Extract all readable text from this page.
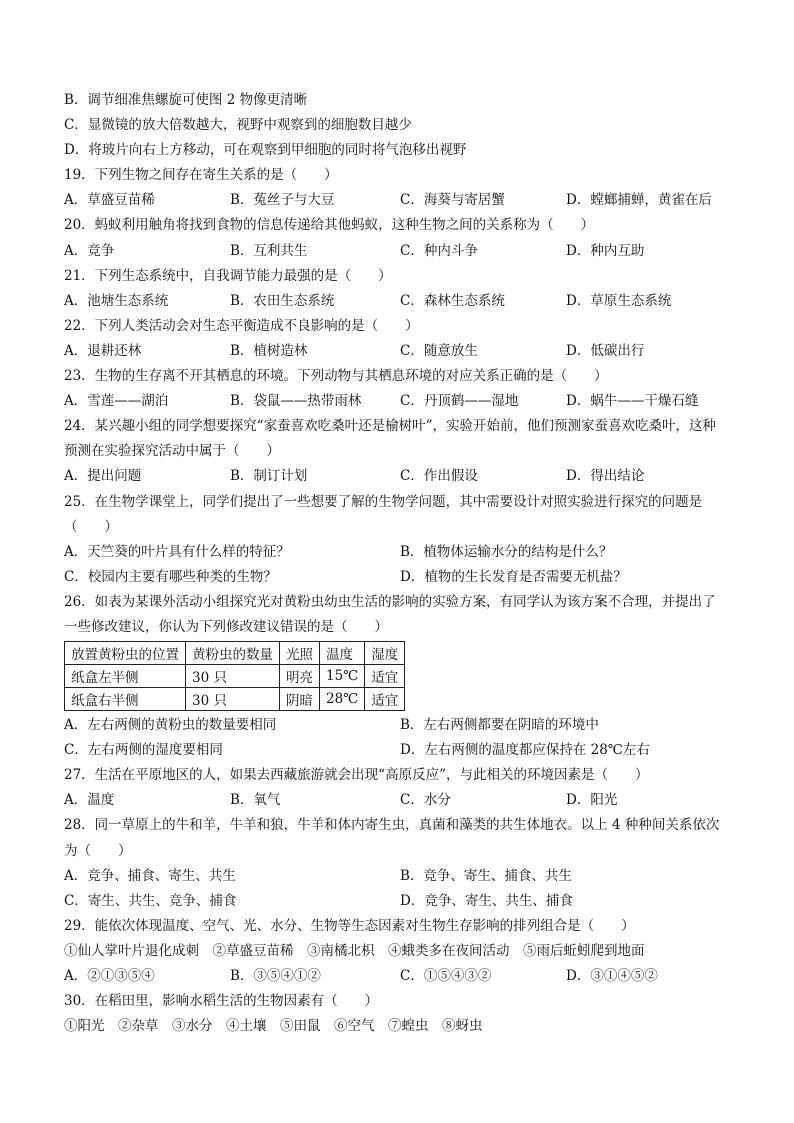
B．调节细准焦螺旋可使图 2 物像更清晰
C．显微镜的放大倍数越大，视野中观察到的细胞数目越少
D．将玻片向右上方移动，可在观察到甲细胞的同时将气泡移出视野
19．下列生物之间存在寄生关系的是（　　）
A．草盛豆苗稀	B．菟丝子与大豆	C．海葵与寄居蟹	D．螳螂捕蝉，黄雀在后
20．蚂蚁利用触角将找到食物的信息传递给其他蚂蚁，这种生物之间的关系称为（　　）
A．竞争	B．互利共生	C．种内斗争	D．种内互助
21．下列生态系统中，自我调节能力最强的是（　　）
A．池塘生态系统	B．农田生态系统	C．森林生态系统	D．草原生态系统
22．下列人类活动会对生态平衡造成不良影响的是（　　）
A．退耕还林	B．植树造林	C．随意放生	D．低碳出行
23．生物的生存离不开其栖息的环境。下列动物与其栖息环境的对应关系正确的是（　　）
A．雪莲——湖泊	B．袋鼠——热带雨林	C．丹顶鹤——湿地	D．蜗牛——干燥石缝
24．某兴趣小组的同学想要探究“家蚕喜欢吃桑叶还是榆树叶”，实验开始前，他们预测家蚕喜欢吃桑叶，这种
预测在实验探究活动中属于（　　）
A．提出问题	B．制订计划	C．作出假设	D．得出结论
25．在生物学课堂上，同学们提出了一些想要了解的生物学问题，其中需要设计对照实验进行探究的问题是
（　　）
A．天竺葵的叶片具有什么样的特征？	B．植物体运输水分的结构是什么？
C．校园内主要有哪些种类的生物？	D．植物的生长发育是否需要无机盐？
26．如表为某课外活动小组探究光对黄粉虫幼虫生活的影响的实验方案，有同学认为该方案不合理，并提出了
一些修改建议，你认为下列修改建议错误的是（　　）
放置黄粉虫的位置	黄粉虫的数量	光照	温度	湿度
纸盒左半侧	30 只	明亮	15℃	适宜
纸盒右半侧	30 只	阴暗	28℃	适宜
A．左右两侧的黄粉虫的数量要相同	B．左右两侧都要在阴暗的环境中
C．左右两侧的湿度要相同	D．左右两侧的温度都应保持在 28℃左右
27．生活在平原地区的人，如果去西藏旅游就会出现“高原反应”，与此相关的环境因素是（　　）
A．温度	B．氧气	C．水分	D．阳光
28．同一草原上的牛和羊，牛羊和狼，牛羊和体内寄生虫，真菌和藻类的共生体地衣。以上 4 种种间关系依次
为（　　）
A．竞争、捕食、寄生、共生	B．竞争、寄生、捕食、共生
C．寄生、共生、竞争、捕食	D．竞争、寄生、共生、捕食
29．能依次体现温度、空气、光、水分、生物等生态因素对生物生存影响的排列组合是（　　）
①仙人掌叶片退化成刺　②草盛豆苗稀　③南橘北枳　④蛾类多在夜间活动　⑤雨后蚯蚓爬到地面
A．②①③⑤④	B．③⑤④①②	C．①⑤④③②	D．③①④⑤②
30．在稻田里，影响水稻生活的生物因素有（　　）
①阳光　②杂草　③水分　④土壤　⑤田鼠　⑥空气　⑦蝗虫　⑧蚜虫
